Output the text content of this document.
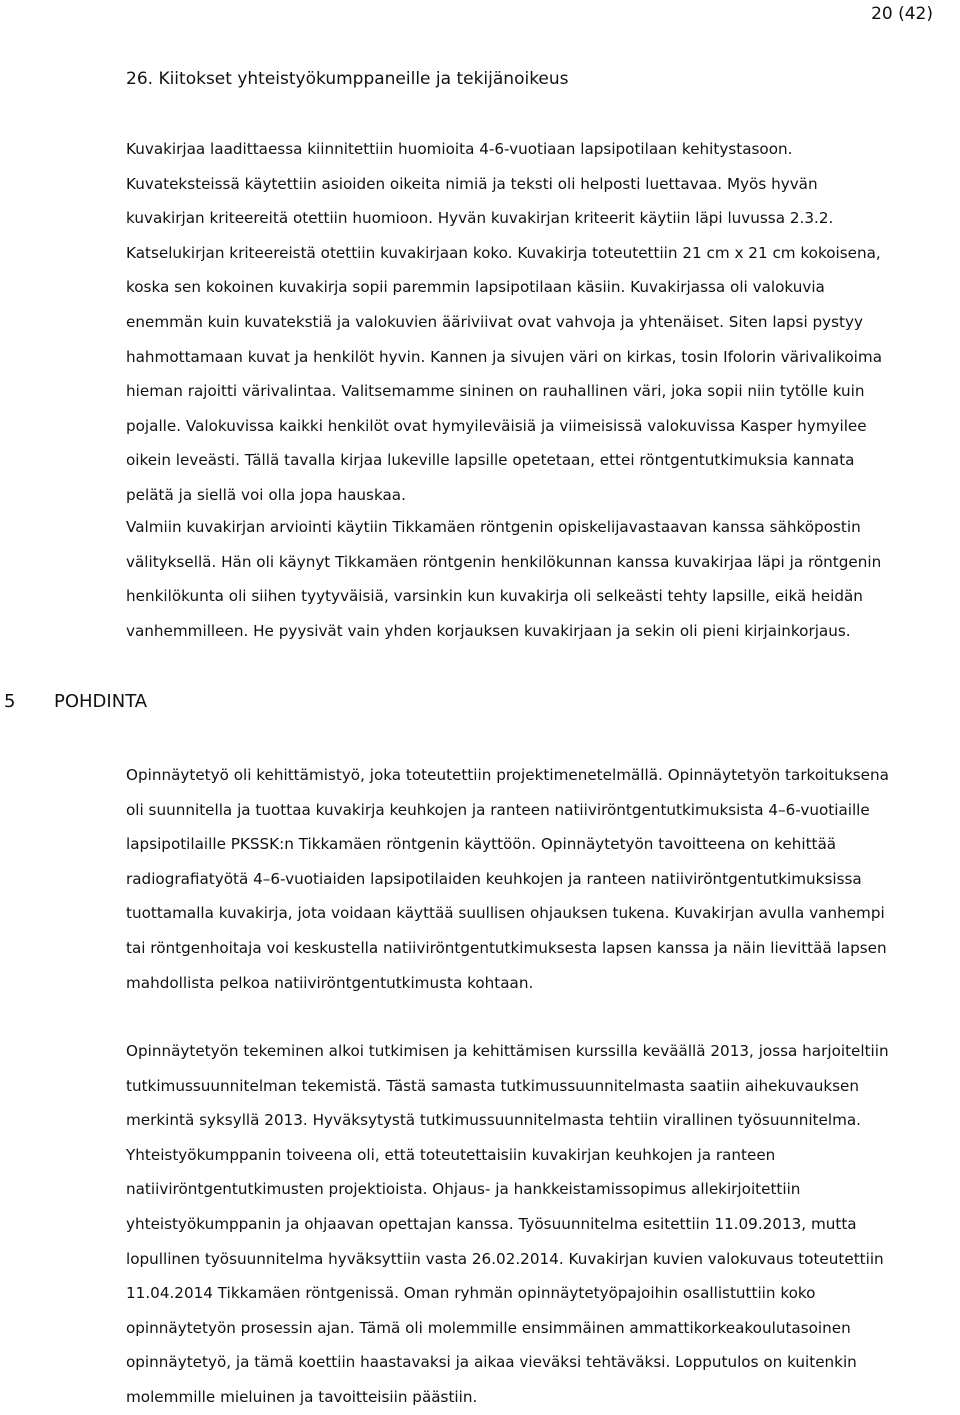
20 (42)
26. Kiitokset yhteistyökumppaneille ja tekijänoikeus
Kuvakirjaa laadittaessa kiinnitettiin huomioita 4-6-vuotiaan lapsipotilaan kehitystasoon.
Kuvateksteissä käytettiin asioiden oikeita nimiä ja teksti oli helposti luettavaa. Myös hyvän
kuvakirjan kriteereitä otettiin huomioon. Hyvän kuvakirjan kriteerit käytiin läpi luvussa 2.3.2.
Katselukirjan kriteereistä otettiin kuvakirjaan koko. Kuvakirja toteutettiin 21 cm x 21 cm kokoisena,
koska sen kokoinen kuvakirja sopii paremmin lapsipotilaan käsiin. Kuvakirjassa oli valokuvia
enemmän kuin kuvatekstiä ja valokuvien ääriviivat ovat vahvoja ja yhtenäiset. Siten lapsi pystyy
hahmottamaan kuvat ja henkilöt hyvin. Kannen ja sivujen väri on kirkas, tosin Ifolorin värivalikoima
hieman rajoitti värivalintaa. Valitsemamme sininen on rauhallinen väri, joka sopii niin tytölle kuin
pojalle. Valokuvissa kaikki henkilöt ovat hymyileväisiä ja viimeisissä valokuvissa Kasper hymyilee
oikein leveästi. Tällä tavalla kirjaa lukeville lapsille opetetaan, ettei röntgentutkimuksia kannata
pelätä ja siellä voi olla jopa hauskaa.
Valmiin kuvakirjan arviointi käytiin Tikkamäen röntgenin opiskelijavastaavan kanssa sähköpostin
välityksellä. Hän oli käynyt Tikkamäen röntgenin henkilökunnan kanssa kuvakirjaa läpi ja röntgenin
henkilökunta oli siihen tyytyväisiä, varsinkin kun kuvakirja oli selkeästi tehty lapsille, eikä heidän
vanhemmilleen. He pyysivät vain yhden korjauksen kuvakirjaan ja sekin oli pieni kirjainkorjaus.
5 POHDINTA
Opinnäytetyö oli kehittämistyö, joka toteutettiin projektimenetelmällä. Opinnäytetyön tarkoituksena
oli suunnitella ja tuottaa kuvakirja keuhkojen ja ranteen natiiviröntgentutkimuksista 4–6-vuotiaille
lapsipotilaille PKSSK:n Tikkamäen röntgenin käyttöön. Opinnäytetyön tavoitteena on kehittää
radiografiatyötä 4–6-vuotiaiden lapsipotilaiden keuhkojen ja ranteen natiiviröntgentutkimuksissa
tuottamalla kuvakirja, jota voidaan käyttää suullisen ohjauksen tukena. Kuvakirjan avulla vanhempi
tai röntgenhoitaja voi keskustella natiiviröntgentutkimuksesta lapsen kanssa ja näin lievittää lapsen
mahdollista pelkoa natiiviröntgentutkimusta kohtaan.
Opinnäytetyön tekeminen alkoi tutkimisen ja kehittämisen kurssilla keväällä 2013, jossa harjoiteltiin
tutkimussuunnitelman tekemistä. Tästä samasta tutkimussuunnitelmasta saatiin aihekuvauksen
merkintä syksyllä 2013. Hyväksytystä tutkimussuunnitelmasta tehtiin virallinen työsuunnitelma.
Yhteistyökumppanin toiveena oli, että toteutettaisiin kuvakirjan keuhkojen ja ranteen
natiiviröntgentutkimusten projektioista. Ohjaus- ja hankkeistamissopimus allekirjoitettiin
yhteistyökumppanin ja ohjaavan opettajan kanssa. Työsuunnitelma esitettiin 11.09.2013, mutta
lopullinen työsuunnitelma hyväksyttiin vasta 26.02.2014. Kuvakirjan kuvien valokuvaus toteutettiin
11.04.2014 Tikkamäen röntgenissä. Oman ryhmän opinnäytetyöpajoihin osallistuttiin koko
opinnäytetyön prosessin ajan. Tämä oli molemmille ensimmäinen ammattikorkeakoulutasoinen
opinnäytetyö, ja tämä koettiin haastavaksi ja aikaa vieväksi tehtäväksi. Lopputulos on kuitenkin
molemmille mieluinen ja tavoitteisiin päästiin.
